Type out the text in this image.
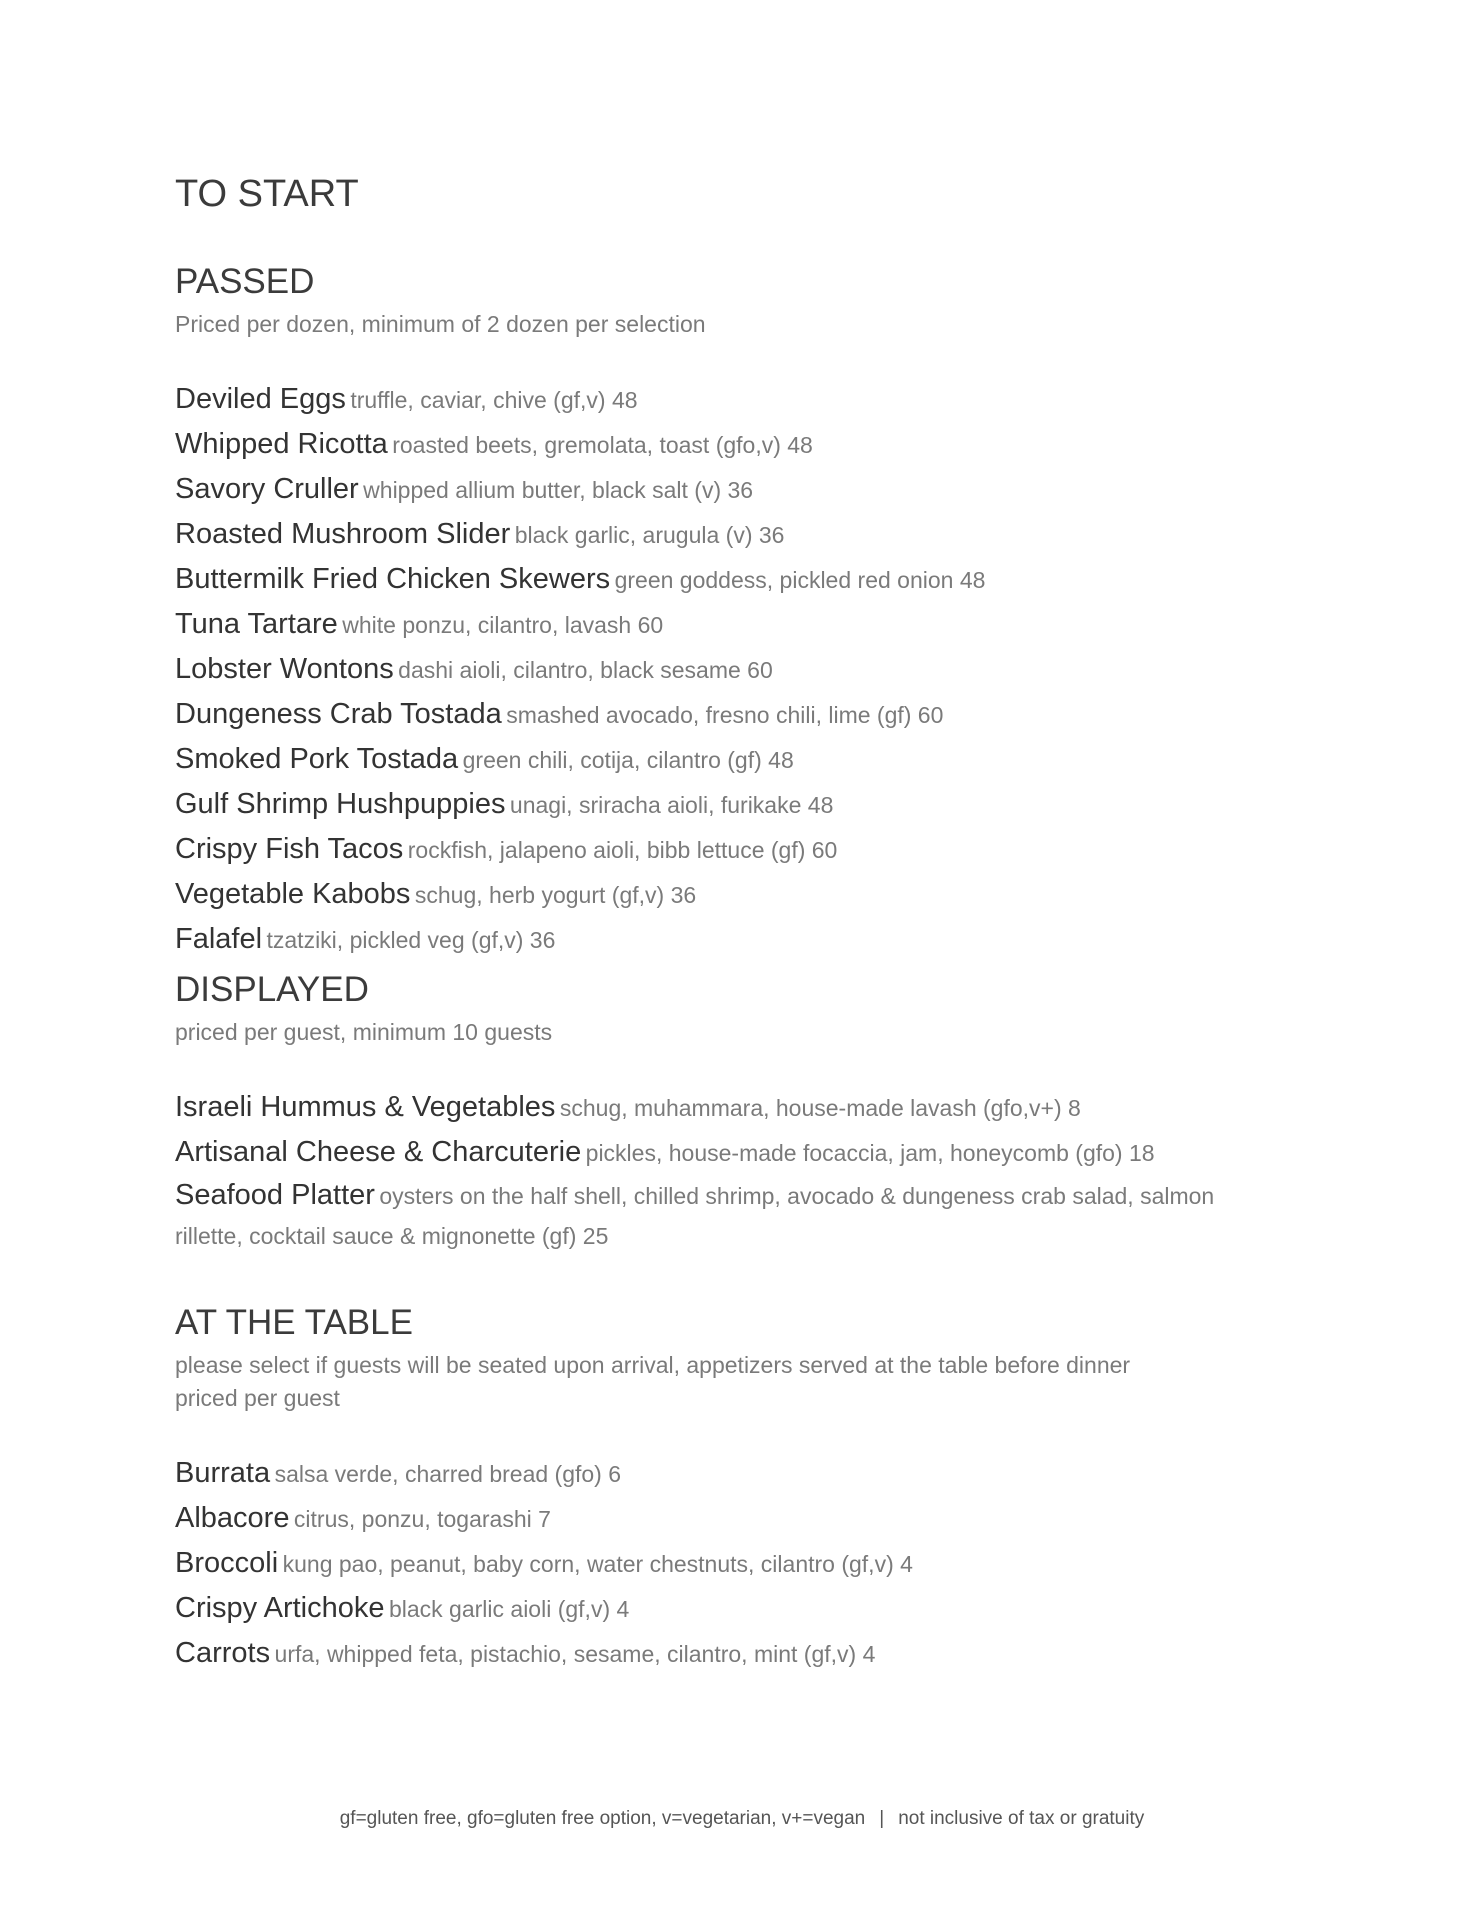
TO START
PASSED
Priced per dozen, minimum of 2 dozen per selection
Deviled Eggs truffle, caviar, chive (gf,v) 48
Whipped Ricotta roasted beets, gremolata, toast (gfo,v) 48
Savory Cruller whipped allium butter, black salt (v) 36
Roasted Mushroom Slider black garlic, arugula (v) 36
Buttermilk Fried Chicken Skewers green goddess, pickled red onion 48
Tuna Tartare white ponzu, cilantro, lavash 60
Lobster Wontons dashi aioli, cilantro, black sesame 60
Dungeness Crab Tostada smashed avocado, fresno chili, lime (gf) 60
Smoked Pork Tostada green chili, cotija, cilantro (gf) 48
Gulf Shrimp Hushpuppies unagi, sriracha aioli, furikake 48
Crispy Fish Tacos rockfish, jalapeno aioli, bibb lettuce (gf) 60
Vegetable Kabobs schug, herb yogurt (gf,v) 36
Falafel tzatziki, pickled veg (gf,v) 36
DISPLAYED
priced per guest, minimum 10 guests
Israeli Hummus & Vegetables schug, muhammara, house-made lavash (gfo,v+) 8
Artisanal Cheese & Charcuterie pickles, house-made focaccia, jam, honeycomb (gfo) 18
Seafood Platter oysters on the half shell, chilled shrimp, avocado & dungeness crab salad, salmon rillette, cocktail sauce & mignonette (gf) 25
AT THE TABLE
please select if guests will be seated upon arrival, appetizers served at the table before dinner
priced per guest
Burrata salsa verde, charred bread (gfo) 6
Albacore citrus, ponzu, togarashi 7
Broccoli kung pao, peanut, baby corn, water chestnuts, cilantro (gf,v) 4
Crispy Artichoke black garlic aioli (gf,v) 4
Carrots urfa, whipped feta, pistachio, sesame, cilantro, mint (gf,v) 4
gf=gluten free, gfo=gluten free option, v=vegetarian, v+=vegan | not inclusive of tax or gratuity
